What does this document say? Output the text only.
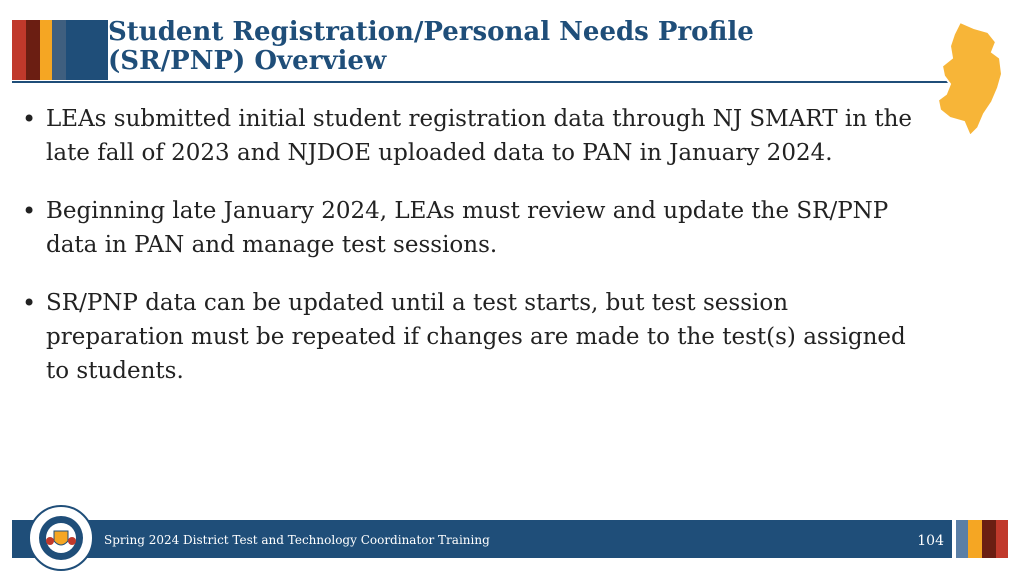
Student Registration/Personal Needs Profile
(SR/PNP) Overview
• LEAs submitted initial student registration data through NJ SMART in the late fall of 2023 and NJDOE uploaded data to PAN in January 2024.
• Beginning late January 2024, LEAs must review and update the SR/PNP data in PAN and manage test sessions.
• SR/PNP data can be updated until a test starts, but test session preparation must be repeated if changes are made to the test(s) assigned to students.
Spring 2024 District Test and Technology Coordinator Training	104
